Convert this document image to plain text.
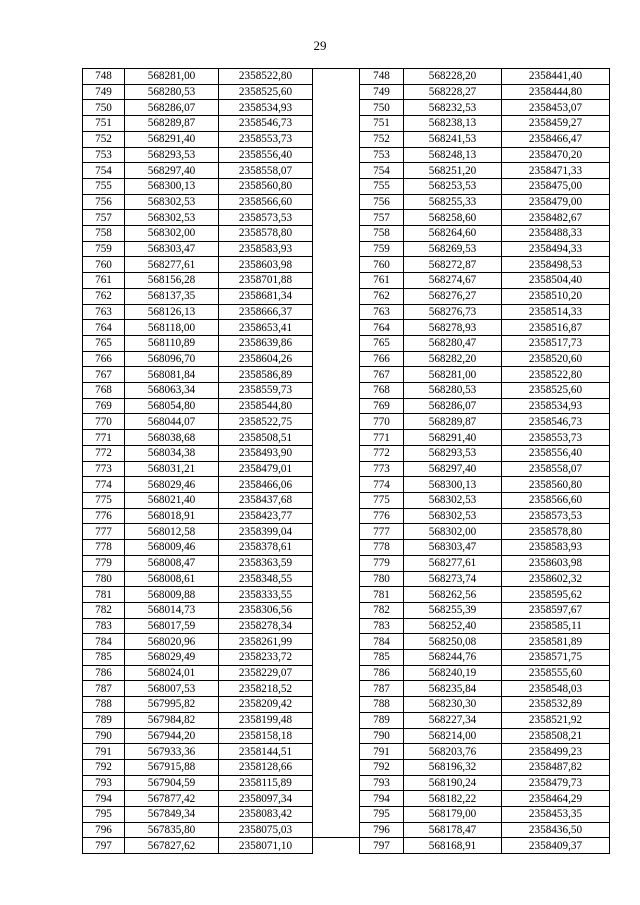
29
748	568281,00	2358522,80
749	568280,53	2358525,60
750	568286,07	2358534,93
751	568289,87	2358546,73
752	568291,40	2358553,73
753	568293,53	2358556,40
754	568297,40	2358558,07
755	568300,13	2358560,80
756	568302,53	2358566,60
757	568302,53	2358573,53
758	568302,00	2358578,80
759	568303,47	2358583,93
760	568277,61	2358603,98
761	568156,28	2358701,88
762	568137,35	2358681,34
763	568126,13	2358666,37
764	568118,00	2358653,41
765	568110,89	2358639,86
766	568096,70	2358604,26
767	568081,84	2358586,89
768	568063,34	2358559,73
769	568054,80	2358544,80
770	568044,07	2358522,75
771	568038,68	2358508,51
772	568034,38	2358493,90
773	568031,21	2358479,01
774	568029,46	2358466,06
775	568021,40	2358437,68
776	568018,91	2358423,77
777	568012,58	2358399,04
778	568009,46	2358378,61
779	568008,47	2358363,59
780	568008,61	2358348,55
781	568009,88	2358333,55
782	568014,73	2358306,56
783	568017,59	2358278,34
784	568020,96	2358261,99
785	568029,49	2358233,72
786	568024,01	2358229,07
787	568007,53	2358218,52
788	567995,82	2358209,42
789	567984,82	2358199,48
790	567944,20	2358158,18
791	567933,36	2358144,51
792	567915,88	2358128,66
793	567904,59	2358115,89
794	567877,42	2358097,34
795	567849,34	2358083,42
796	567835,80	2358075,03
797	567827,62	2358071,10
748	568228,20	2358441,40
749	568228,27	2358444,80
750	568232,53	2358453,07
751	568238,13	2358459,27
752	568241,53	2358466,47
753	568248,13	2358470,20
754	568251,20	2358471,33
755	568253,53	2358475,00
756	568255,33	2358479,00
757	568258,60	2358482,67
758	568264,60	2358488,33
759	568269,53	2358494,33
760	568272,87	2358498,53
761	568274,67	2358504,40
762	568276,27	2358510,20
763	568276,73	2358514,33
764	568278,93	2358516,87
765	568280,47	2358517,73
766	568282,20	2358520,60
767	568281,00	2358522,80
768	568280,53	2358525,60
769	568286,07	2358534,93
770	568289,87	2358546,73
771	568291,40	2358553,73
772	568293,53	2358556,40
773	568297,40	2358558,07
774	568300,13	2358560,80
775	568302,53	2358566,60
776	568302,53	2358573,53
777	568302,00	2358578,80
778	568303,47	2358583,93
779	568277,61	2358603,98
780	568273,74	2358602,32
781	568262,56	2358595,62
782	568255,39	2358597,67
783	568252,40	2358585,11
784	568250,08	2358581,89
785	568244,76	2358571,75
786	568240,19	2358555,60
787	568235,84	2358548,03
788	568230,30	2358532,89
789	568227,34	2358521,92
790	568214,00	2358508,21
791	568203,76	2358499,23
792	568196,32	2358487,82
793	568190,24	2358479,73
794	568182,22	2358464,29
795	568179,00	2358453,35
796	568178,47	2358436,50
797	568168,91	2358409,37
